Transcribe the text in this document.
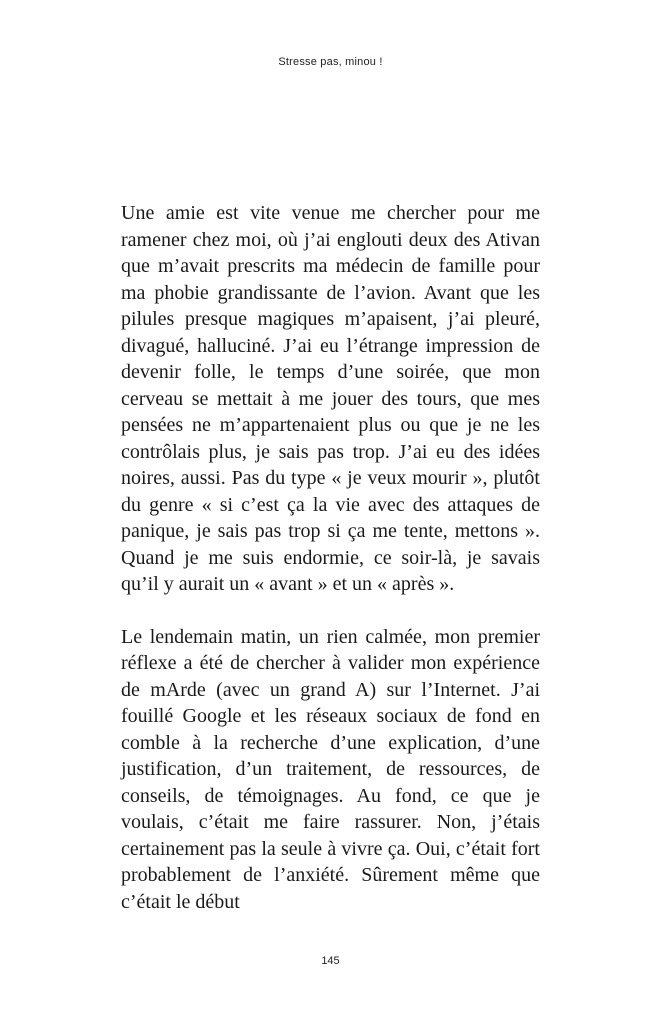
Stresse pas, minou !

Une amie est vite venue me chercher pour me ramener chez moi, où j’ai englouti deux des Ativan que m’avait prescrits ma médecin de famille pour ma phobie grandissante de l’avion. Avant que les pilules presque magiques m’apaisent, j’ai pleuré, divagué, halluciné. J’ai eu l’étrange impression de devenir folle, le temps d’une soirée, que mon cerveau se mettait à me jouer des tours, que mes pensées ne m’appartenaient plus ou que je ne les contrôlais plus, je sais pas trop. J’ai eu des idées noires, aussi. Pas du type « je veux mourir », plutôt du genre « si c’est ça la vie avec des attaques de panique, je sais pas trop si ça me tente, mettons ». Quand je me suis endormie, ce soir-là, je savais qu’il y aurait un « avant » et un « après ».

Le lendemain matin, un rien calmée, mon premier réflexe a été de chercher à valider mon expérience de mArde (avec un grand A) sur l’Internet. J’ai fouillé Google et les réseaux sociaux de fond en comble à la recherche d’une explication, d’une justification, d’un traitement, de ressources, de conseils, de témoignages. Au fond, ce que je voulais, c’était me faire rassurer. Non, j’étais certainement pas la seule à vivre ça. Oui, c’était fort probablement de l’anxiété. Sûrement même que c’était le début

145
